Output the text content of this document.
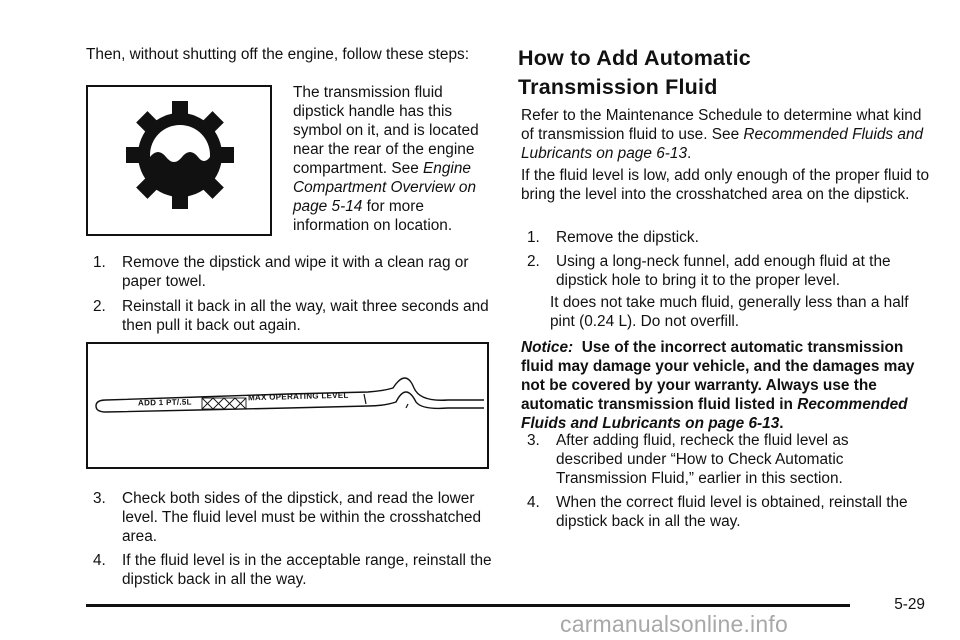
Then, without shutting off the engine, follow these steps:

The transmission fluid dipstick handle has this symbol on it, and is located near the rear of the engine compartment. See Engine Compartment Overview on page 5-14 for more information on location.

1. Remove the dipstick and wipe it with a clean rag or paper towel.
2. Reinstall it back in all the way, wait three seconds and then pull it back out again.
ADD 1 PT/.5L
MAX OPERATING LEVEL
3. Check both sides of the dipstick, and read the lower level. The fluid level must be within the crosshatched area.
4. If the fluid level is in the acceptable range, reinstall the dipstick back in all the way.
How to Add Automatic
Transmission Fluid

Refer to the Maintenance Schedule to determine what kind of transmission fluid to use. See Recommended Fluids and Lubricants on page 6-13.

If the fluid level is low, add only enough of the proper fluid to bring the level into the crosshatched area on the dipstick.

1. Remove the dipstick.
2. Using a long-neck funnel, add enough fluid at the dipstick hole to bring it to the proper level.

It does not take much fluid, generally less than a half pint (0.24 L). Do not overfill.

Notice: Use of the incorrect automatic transmission fluid may damage your vehicle, and the damages may not be covered by your warranty. Always use the automatic transmission fluid listed in Recommended Fluids and Lubricants on page 6-13.

3. After adding fluid, recheck the fluid level as described under “How to Check Automatic Transmission Fluid,” earlier in this section.
4. When the correct fluid level is obtained, reinstall the dipstick back in all the way.
5-29
carmanualsonline.info
